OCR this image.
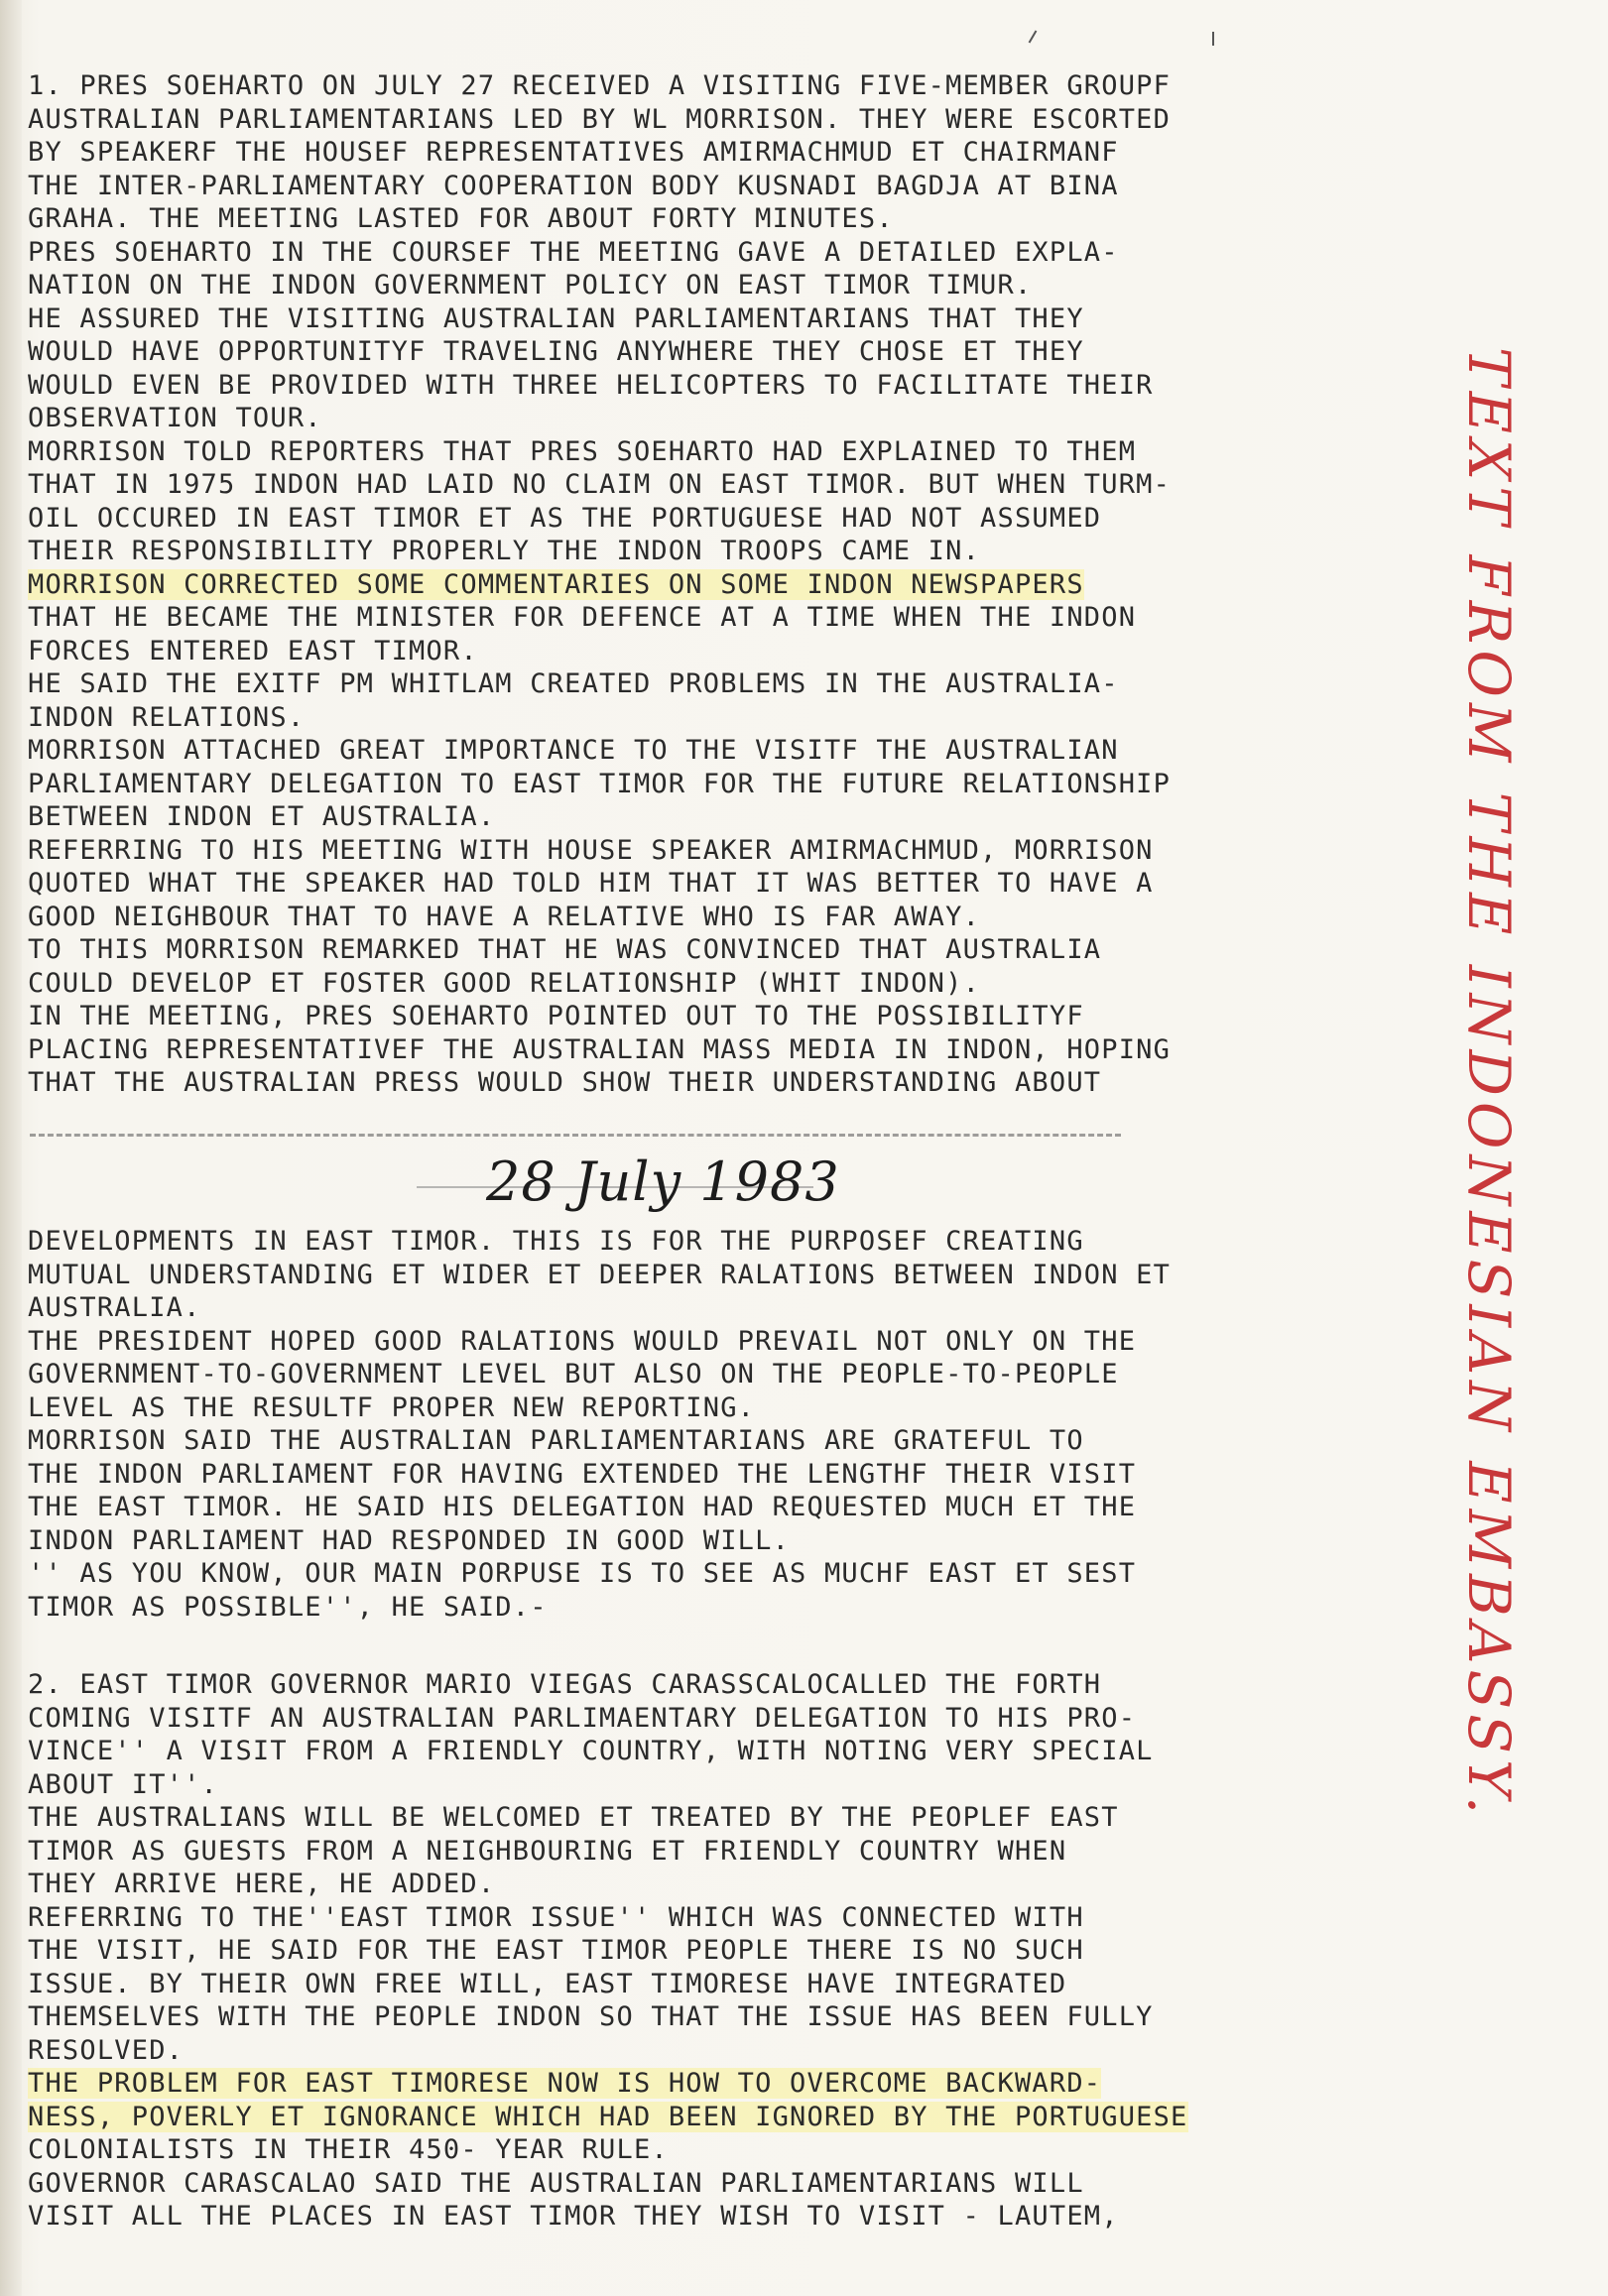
1. PRES SOEHARTO ON JULY 27 RECEIVED A VISITING FIVE-MEMBER GROUPF

AUSTRALIAN PARLIAMENTARIANS LED BY WL MORRISON. THEY WERE ESCORTED

BY SPEAKERF THE HOUSEF REPRESENTATIVES AMIRMACHMUD ET CHAIRMANF

THE INTER-PARLIAMENTARY COOPERATION BODY KUSNADI BAGDJA AT BINA

GRAHA. THE MEETING LASTED FOR ABOUT FORTY MINUTES.

PRES SOEHARTO IN THE COURSEF THE MEETING GAVE A DETAILED EXPLA-

NATION ON THE INDON GOVERNMENT POLICY ON EAST TIMOR TIMUR.

HE ASSURED THE VISITING AUSTRALIAN PARLIAMENTARIANS THAT THEY

WOULD HAVE OPPORTUNITYF TRAVELING ANYWHERE THEY CHOSE ET THEY

WOULD EVEN BE PROVIDED WITH THREE HELICOPTERS TO FACILITATE THEIR

OBSERVATION TOUR.

MORRISON TOLD REPORTERS THAT PRES SOEHARTO HAD EXPLAINED TO THEM

THAT IN 1975 INDON HAD LAID NO CLAIM ON EAST TIMOR. BUT WHEN TURM-

OIL OCCURED IN EAST TIMOR ET AS THE PORTUGUESE HAD NOT ASSUMED

THEIR RESPONSIBILITY PROPERLY THE INDON TROOPS CAME IN.

MORRISON CORRECTED SOME COMMENTARIES ON SOME INDON NEWSPAPERS

THAT HE BECAME THE MINISTER FOR DEFENCE AT A TIME WHEN THE INDON

FORCES ENTERED EAST TIMOR.

HE SAID THE EXITF PM WHITLAM CREATED PROBLEMS IN THE AUSTRALIA-

INDON RELATIONS.

MORRISON ATTACHED GREAT IMPORTANCE TO THE VISITF THE AUSTRALIAN

PARLIAMENTARY DELEGATION TO EAST TIMOR FOR THE FUTURE RELATIONSHIP

BETWEEN INDON ET AUSTRALIA.

REFERRING TO HIS MEETING WITH HOUSE SPEAKER AMIRMACHMUD, MORRISON

QUOTED WHAT THE SPEAKER HAD TOLD HIM THAT IT WAS BETTER TO HAVE A

GOOD NEIGHBOUR THAT TO HAVE A RELATIVE WHO IS FAR AWAY.

TO THIS MORRISON REMARKED THAT HE WAS CONVINCED THAT AUSTRALIA

COULD DEVELOP ET FOSTER GOOD RELATIONSHIP (WHIT INDON).

IN THE MEETING, PRES SOEHARTO POINTED OUT TO THE POSSIBILITYF

PLACING REPRESENTATIVEF THE AUSTRALIAN MASS MEDIA IN INDON, HOPING

THAT THE AUSTRALIAN PRESS WOULD SHOW THEIR UNDERSTANDING ABOUT

28 July 1983

DEVELOPMENTS IN EAST TIMOR. THIS IS FOR THE PURPOSEF CREATING

MUTUAL UNDERSTANDING ET WIDER ET DEEPER RALATIONS BETWEEN INDON ET

AUSTRALIA.

THE PRESIDENT HOPED GOOD RALATIONS WOULD PREVAIL NOT ONLY ON THE

GOVERNMENT-TO-GOVERNMENT LEVEL BUT ALSO ON THE PEOPLE-TO-PEOPLE

LEVEL AS THE RESULTF PROPER NEW REPORTING.

MORRISON SAID THE AUSTRALIAN PARLIAMENTARIANS ARE GRATEFUL TO

THE INDON PARLIAMENT FOR HAVING EXTENDED THE LENGTHF THEIR VISIT

THE EAST TIMOR. HE SAID HIS DELEGATION HAD REQUESTED MUCH ET THE

INDON PARLIAMENT HAD RESPONDED IN GOOD WILL.

'' AS YOU KNOW, OUR MAIN PORPUSE IS TO SEE AS MUCHF EAST ET SEST

TIMOR AS POSSIBLE'', HE SAID.-

2. EAST TIMOR GOVERNOR MARIO VIEGAS CARASSCALOCALLED THE FORTH

COMING VISITF AN AUSTRALIAN PARLIMAENTARY DELEGATION TO HIS PRO-

VINCE'' A VISIT FROM A FRIENDLY COUNTRY, WITH NOTING VERY SPECIAL

ABOUT IT''.

THE AUSTRALIANS WILL BE WELCOMED ET TREATED BY THE PEOPLEF EAST

TIMOR AS GUESTS FROM A NEIGHBOURING ET FRIENDLY COUNTRY WHEN

THEY ARRIVE HERE, HE ADDED.

REFERRING TO THE''EAST TIMOR ISSUE'' WHICH WAS CONNECTED WITH

THE VISIT, HE SAID FOR THE EAST TIMOR PEOPLE THERE IS NO SUCH

ISSUE. BY THEIR OWN FREE WILL, EAST TIMORESE HAVE INTEGRATED

THEMSELVES WITH THE PEOPLE INDON SO THAT THE ISSUE HAS BEEN FULLY

RESOLVED.

THE PROBLEM FOR EAST TIMORESE NOW IS HOW TO OVERCOME BACKWARD-

NESS, POVERLY ET IGNORANCE WHICH HAD BEEN IGNORED BY THE PORTUGUESE

COLONIALISTS IN THEIR 450- YEAR RULE.

GOVERNOR CARASCALAO SAID THE AUSTRALIAN PARLIAMENTARIANS WILL

VISIT ALL THE PLACES IN EAST TIMOR THEY WISH TO VISIT - LAUTEM,

TEXT FROM THE INDONESIAN EMBASSY.
